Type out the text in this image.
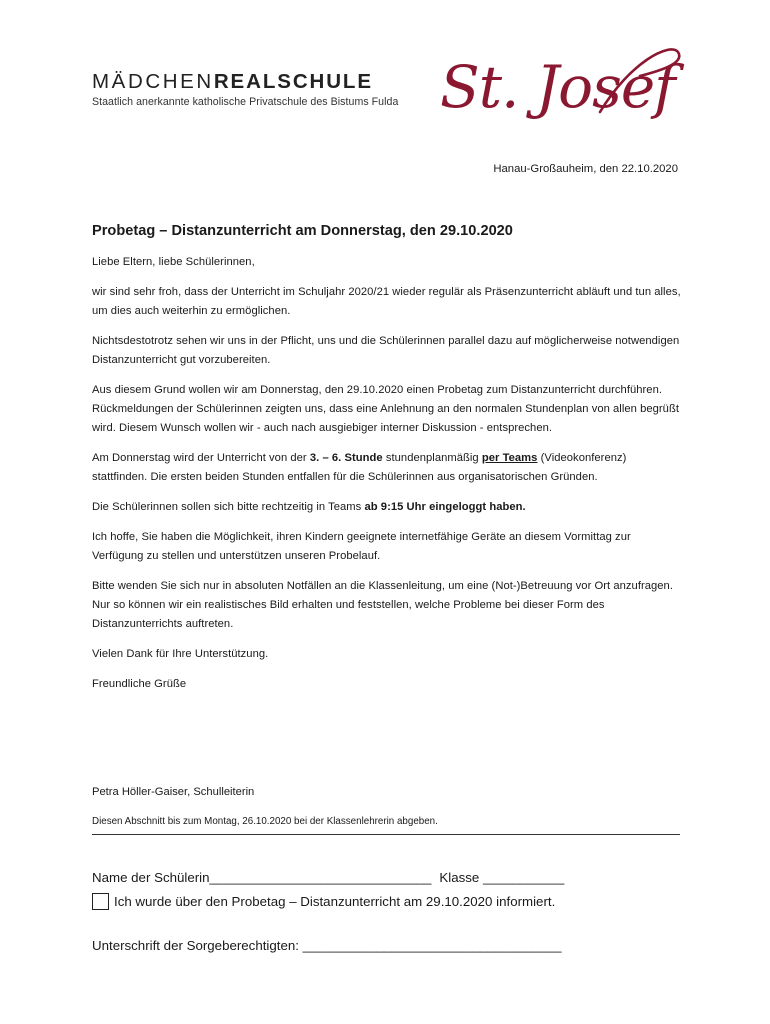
MÄDCHENREALSCHULE
Staatlich anerkannte katholische Privatschule des Bistums Fulda St. Josef
Hanau-Großauheim, den 22.10.2020
Probetag – Distanzunterricht am Donnerstag, den 29.10.2020

Liebe Eltern, liebe Schülerinnen,

wir sind sehr froh, dass der Unterricht im Schuljahr 2020/21 wieder regulär als Präsenzunterricht abläuft und tun alles, um dies auch weiterhin zu ermöglichen.

Nichtsdestotrotz sehen wir uns in der Pflicht, uns und die Schülerinnen parallel dazu auf möglicherweise notwendigen Distanzunterricht gut vorzubereiten.

Aus diesem Grund wollen wir am Donnerstag, den 29.10.2020 einen Probetag zum Distanzunterricht durchführen. Rückmeldungen der Schülerinnen zeigten uns, dass eine Anlehnung an den normalen Stundenplan von allen begrüßt wird. Diesem Wunsch wollen wir - auch nach ausgiebiger interner Diskussion - entsprechen.

Am Donnerstag wird der Unterricht von der 3. – 6. Stunde stundenplanmäßig per Teams (Videokonferenz) stattfinden. Die ersten beiden Stunden entfallen für die Schülerinnen aus organisatorischen Gründen.

Die Schülerinnen sollen sich bitte rechtzeitig in Teams ab 9:15 Uhr eingeloggt haben.

Ich hoffe, Sie haben die Möglichkeit, ihren Kindern geeignete internetfähige Geräte an diesem Vormittag zur Verfügung zu stellen und unterstützen unseren Probelauf.

Bitte wenden Sie sich nur in absoluten Notfällen an die Klassenleitung, um eine (Not-)Betreuung vor Ort anzufragen. Nur so können wir ein realistisches Bild erhalten und feststellen, welche Probleme bei dieser Form des Distanzunterrichts auftreten.

Vielen Dank für Ihre Unterstützung.

Freundliche Grüße

Petra Höller-Gaiser, Schulleiterin
Diesen Abschnitt bis zum Montag, 26.10.2020 bei der Klassenlehrerin abgeben.
Name der Schülerin______________________________ Klasse ___________
Ich wurde über den Probetag – Distanzunterricht am 29.10.2020 informiert.
Unterschrift der Sorgeberechtigten: ___________________________________
